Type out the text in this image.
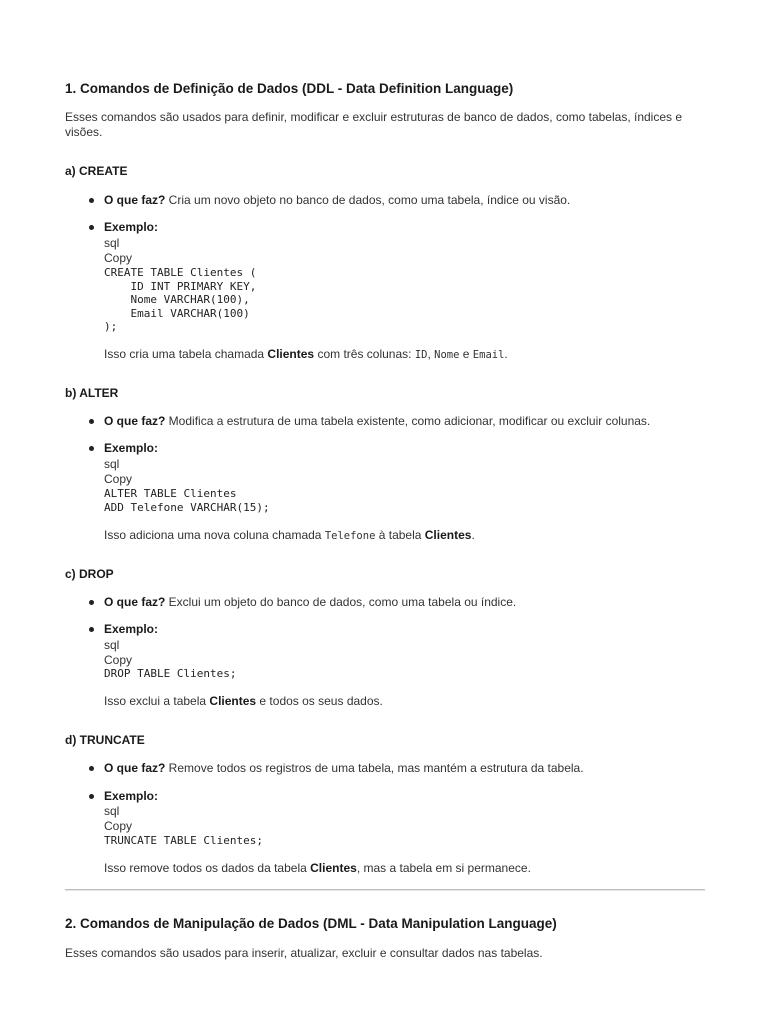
1. Comandos de Definição de Dados (DDL - Data Definition Language)
Esses comandos são usados para definir, modificar e excluir estruturas de banco de dados, como tabelas, índices e visões.
a) CREATE
O que faz? Cria um novo objeto no banco de dados, como uma tabela, índice ou visão.
Exemplo:
sql
Copy
CREATE TABLE Clientes (
ID INT PRIMARY KEY,
Nome VARCHAR(100),
Email VARCHAR(100)
);
Isso cria uma tabela chamada Clientes com três colunas: ID, Nome e Email.
b) ALTER
O que faz? Modifica a estrutura de uma tabela existente, como adicionar, modificar ou excluir colunas.
Exemplo:
sql
Copy
ALTER TABLE Clientes
ADD Telefone VARCHAR(15);
Isso adiciona uma nova coluna chamada Telefone à tabela Clientes.
c) DROP
O que faz? Exclui um objeto do banco de dados, como uma tabela ou índice.
Exemplo:
sql
Copy
DROP TABLE Clientes;
Isso exclui a tabela Clientes e todos os seus dados.
d) TRUNCATE
O que faz? Remove todos os registros de uma tabela, mas mantém a estrutura da tabela.
Exemplo:
sql
Copy
TRUNCATE TABLE Clientes;
Isso remove todos os dados da tabela Clientes, mas a tabela em si permanece.
2. Comandos de Manipulação de Dados (DML - Data Manipulation Language)
Esses comandos são usados para inserir, atualizar, excluir e consultar dados nas tabelas.
